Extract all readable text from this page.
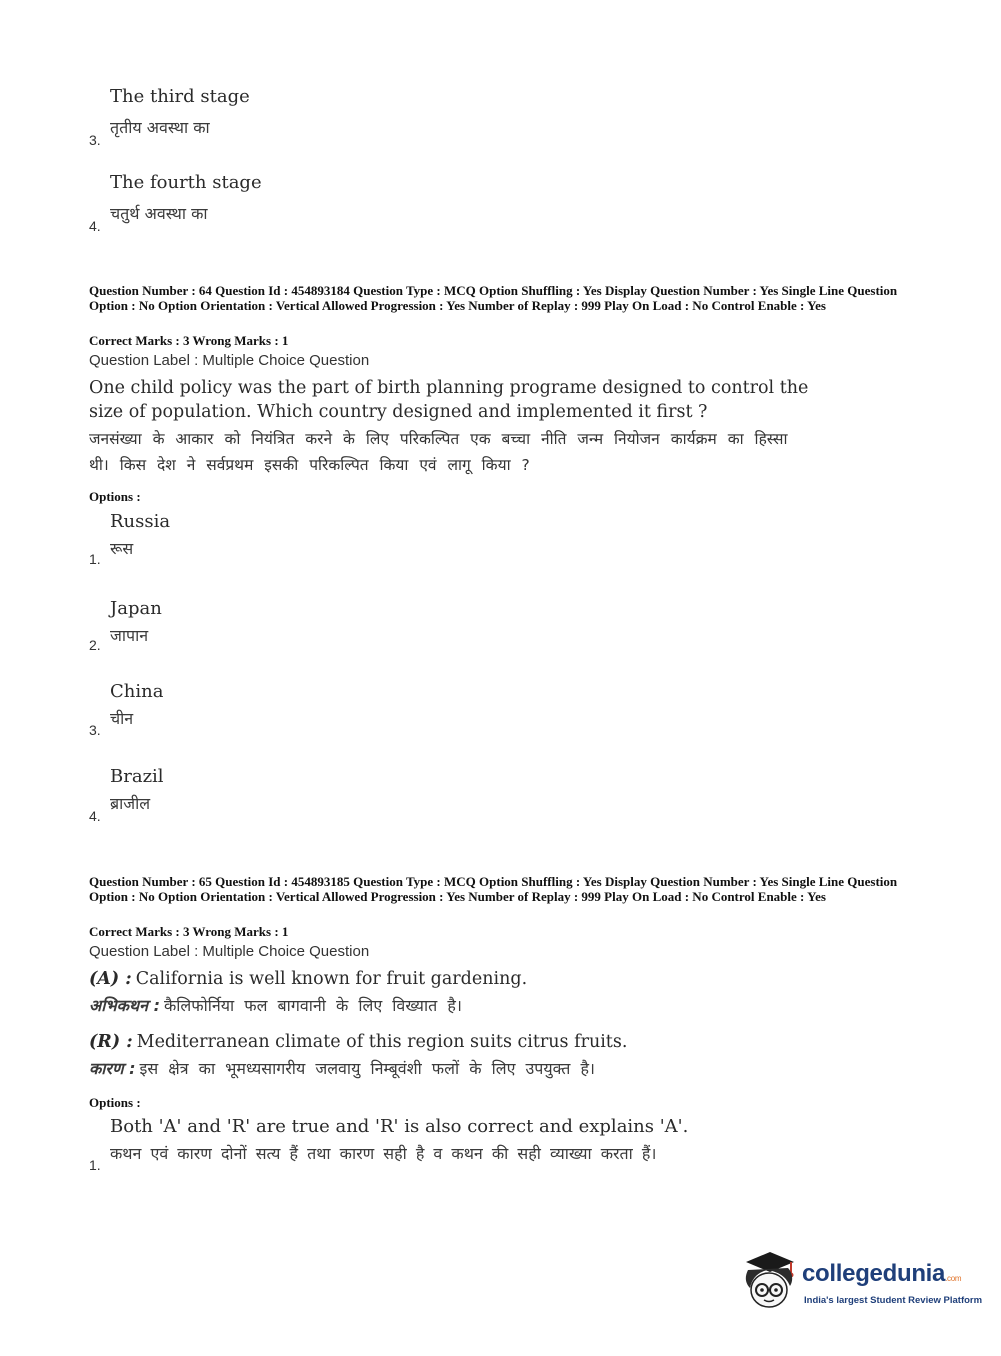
The third stage
तृतीय अवस्था का
3.
The fourth stage
चतुर्थ अवस्था का
4.
Question Number : 64 Question Id : 454893184 Question Type : MCQ Option Shuffling : Yes Display Question Number : Yes Single Line Question Option : No Option Orientation : Vertical Allowed Progression : Yes Number of Replay : 999 Play On Load : No Control Enable : Yes
Correct Marks : 3 Wrong Marks : 1
Question Label : Multiple Choice Question
One child policy was the part of birth planning programe designed to control the size of population. Which country designed and implemented it first ?
जनसंख्या के आकार को नियंत्रित करने के लिए परिकल्पित एक बच्चा नीति जन्म नियोजन कार्यक्रम का हिस्सा थी। किस देश ने सर्वप्रथम इसकी परिकल्पित किया एवं लागू किया ?
Options :
Russia
रूस
1.
Japan
जापान
2.
China
चीन
3.
Brazil
ब्राजील
4.
Question Number : 65 Question Id : 454893185 Question Type : MCQ Option Shuffling : Yes Display Question Number : Yes Single Line Question Option : No Option Orientation : Vertical Allowed Progression : Yes Number of Replay : 999 Play On Load : No Control Enable : Yes
Correct Marks : 3 Wrong Marks : 1
Question Label : Multiple Choice Question
(A) : California is well known for fruit gardening.
अभिकथन : कैलिफोर्निया फल बागवानी के लिए विख्यात है।
(R) : Mediterranean climate of this region suits citrus fruits.
कारण : इस क्षेत्र का भूमध्यसागरीय जलवायु निम्बूवंशी फलों के लिए उपयुक्त है।
Options :
Both 'A' and 'R' are true and 'R' is also correct and explains 'A'.
कथन एवं कारण दोनों सत्य हैं तथा कारण सही है व कथन की सही व्याख्या करता हैं।
1.
collegedunia.com
India's largest Student Review Platform
